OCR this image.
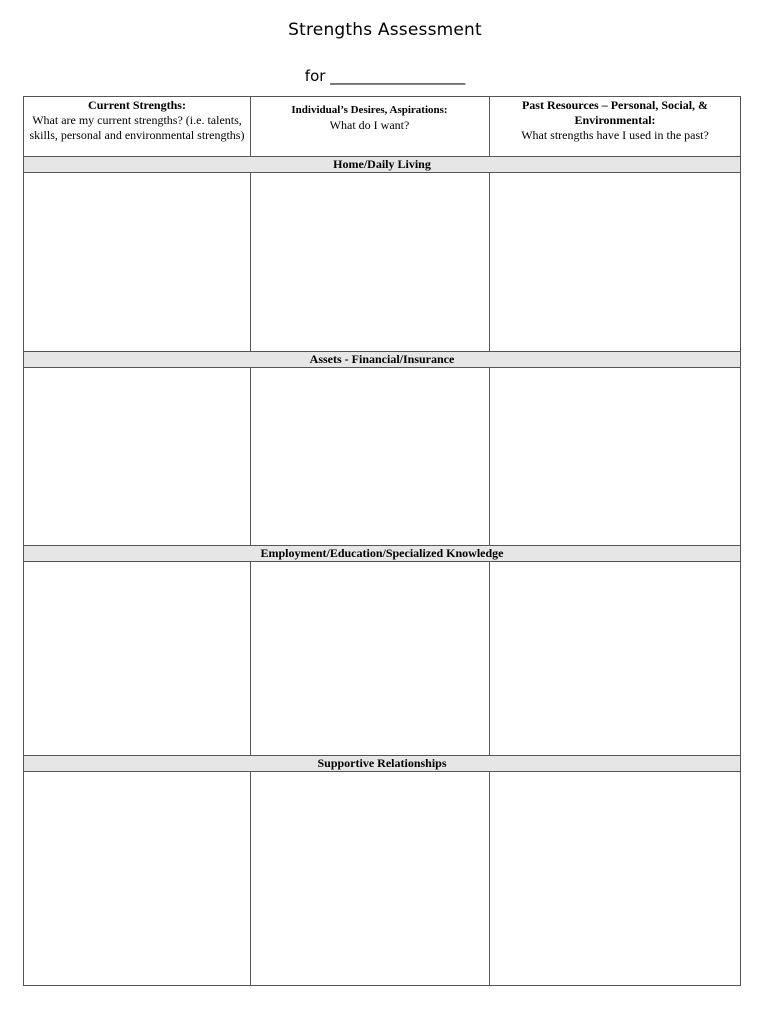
Strengths Assessment
for __________________
Current Strengths:
What are my current strengths? (i.e. talents, skills, personal and environmental strengths)
Individual’s Desires, Aspirations:
What do I want?
Past Resources – Personal, Social, & Environmental:
What strengths have I used in the past?
Home/Daily Living
Assets - Financial/Insurance
Employment/Education/Specialized Knowledge
Supportive Relationships
